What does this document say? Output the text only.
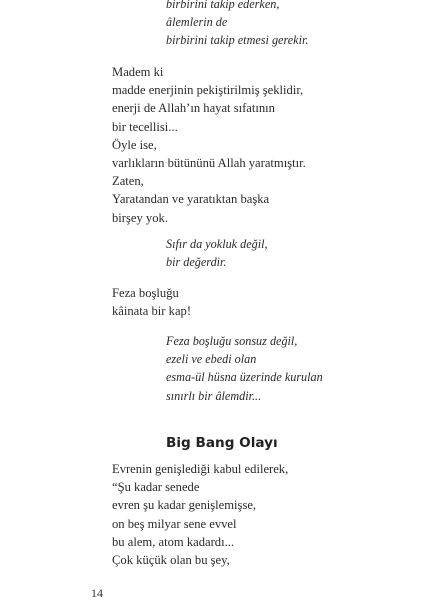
birbirini takip ederken,
âlemlerin de
birbirini takip etmesi gerekir.
Madem ki
madde enerjinin pekiştirilmiş şeklidir,
enerji de Allah’ın hayat sıfatının
bir tecellisi...
Öyle ise,
varlıkların bütününü Allah yaratmıştır.
Zaten,
Yaratandan ve yaratıktan başka
birşey yok.
Sıfır da yokluk değil,
bir değerdir.
Feza boşluğu
kâinata bir kap!
Feza boşluğu sonsuz değil,
ezeli ve ebedi olan
esma-ül hüsna üzerinde kurulan
sınırlı bir âlemdir...
Big Bang Olayı
Evrenin genişlediği kabul edilerek,
“Şu kadar senede
evren şu kadar genişlemişse,
on beş milyar sene evvel
bu alem, atom kadardı...
Çok küçük olan bu şey,
14
